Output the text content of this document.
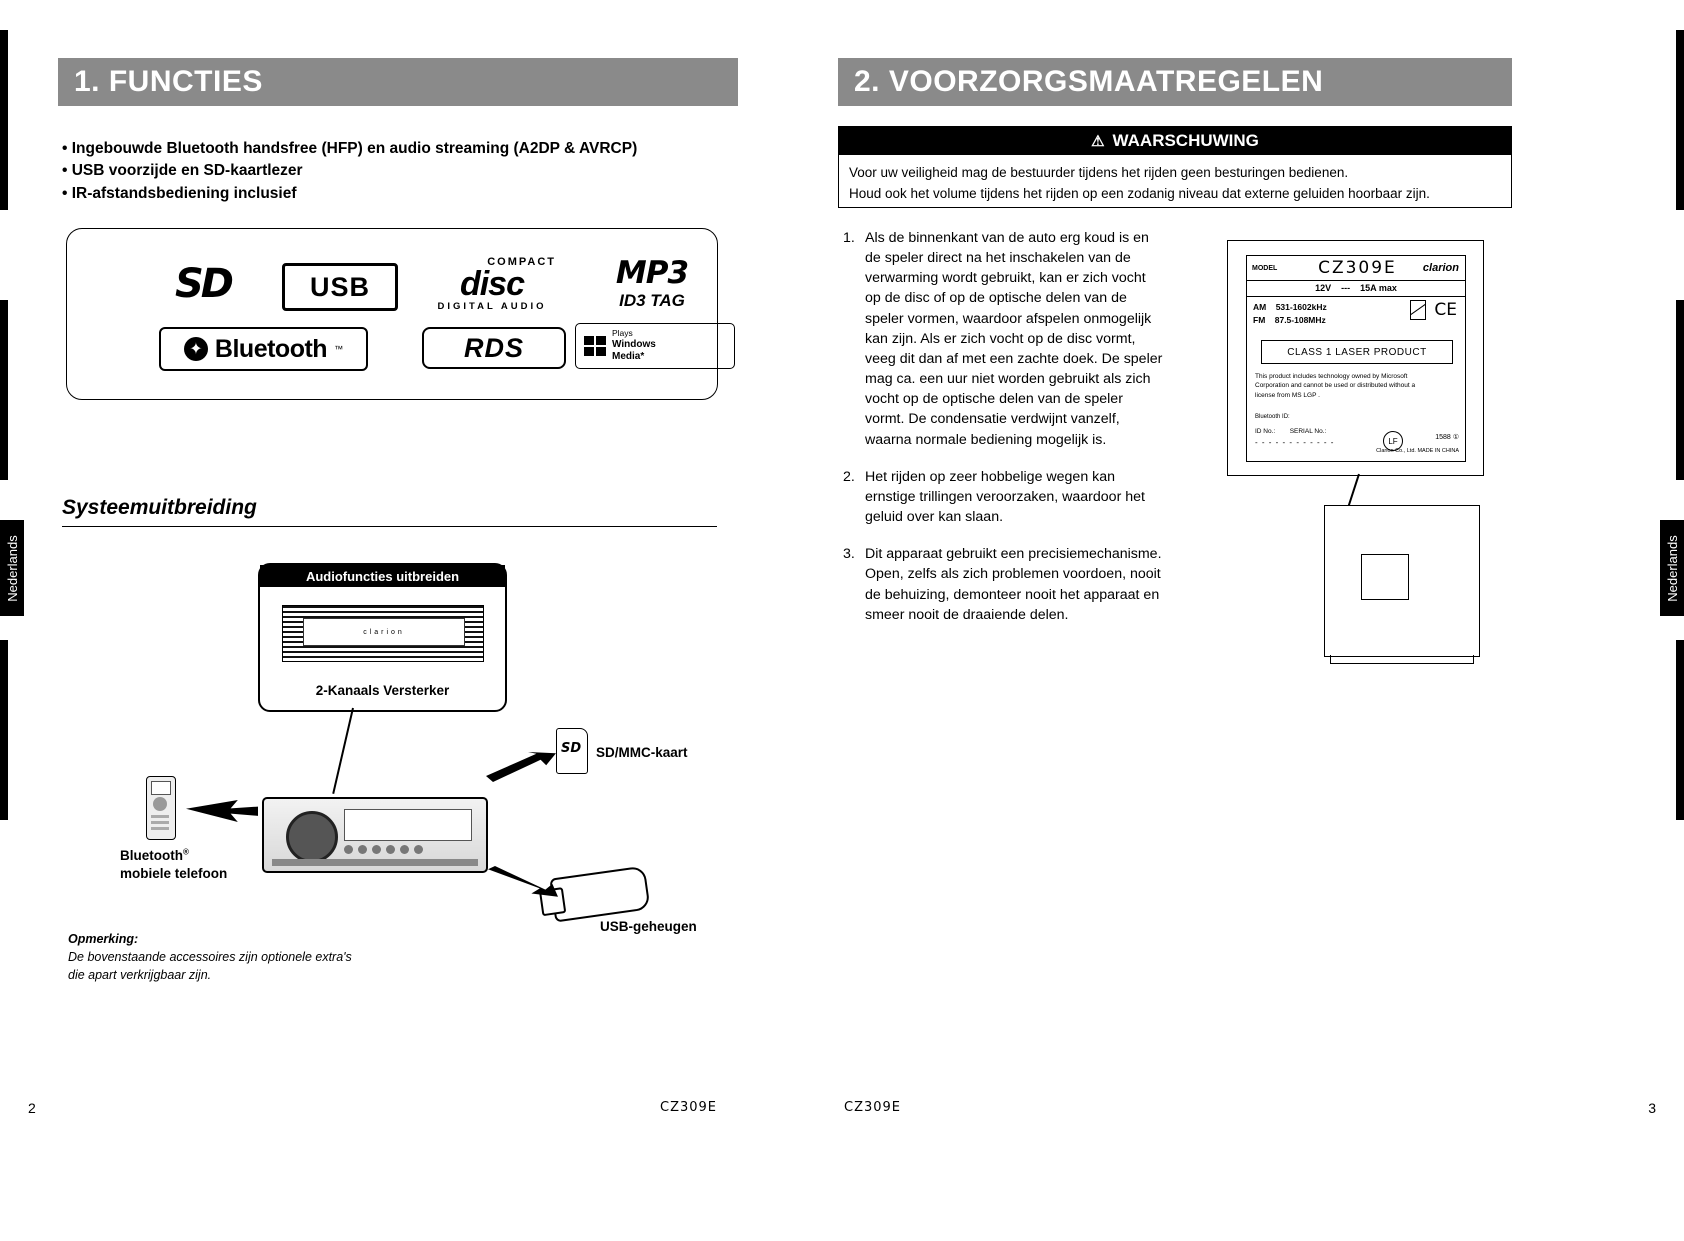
1. FUNCTIES
• Ingebouwde Bluetooth handsfree (HFP) en audio streaming (A2DP & AVRCP)
• USB voorzijde en SD-kaartlezer
• IR-afstandsbediening inclusief
SD	USB
COMPACT
disc
DIGITAL AUDIO
MP3
ID3 TAG
✦ Bluetooth ™	RDS	Plays
Windows
Media*
Systeemuitbreiding
Audiofuncties uitbreiden
clarion
2-Kanaals Versterker
Bluetooth®
mobiele telefoon
SD SD/MMC-kaart
USB-geheugen
Opmerking:
De bovenstaande accessoires zijn optionele extra's
die apart verkrijgbaar zijn.
Nederlands
CZ309E
2
2. VOORZORGSMAATREGELEN
⚠ WAARSCHUWING
Voor uw veiligheid mag de bestuurder tijdens het rijden geen besturingen bedienen.
Houd ook het volume tijdens het rijden op een zodanig niveau dat externe geluiden hoorbaar zijn.
1. Als de binnenkant van de auto erg koud is en de speler direct na het inschakelen van de verwarming wordt gebruikt, kan er zich vocht op de disc of op de optische delen van de speler vormen, waardoor afspelen onmogelijk kan zijn. Als er zich vocht op de disc vormt, veeg dit dan af met een zachte doek. De speler mag ca. een uur niet worden gebruikt als zich vocht op de optische delen van de speler vormt. De condensatie verdwijnt vanzelf, waarna normale bediening mogelijk is.
2. Het rijden op zeer hobbelige wegen kan ernstige trillingen veroorzaken, waardoor het geluid over kan slaan.
3. Dit apparaat gebruikt een precisiemechanisme. Open, zelfs als zich problemen voordoen, nooit de behuizing, demonteer nooit het apparaat en smeer nooit de draaiende delen.
MODEL	CZ309E	clarion
12V --- 15A max
AM 531-1602kHz
FM 87.5-108MHz	CE
CLASS 1 LASER PRODUCT
This product includes technology owned by Microsoft Corporation and cannot be used or distributed without a license from MS LGP .
Bluetooth ID:
ID No.: SERIAL No.:
- - - - - - - - - - - -	LF	1588 ①
Clarion Co., Ltd. MADE IN CHINA
Nederlands
CZ309E	3
